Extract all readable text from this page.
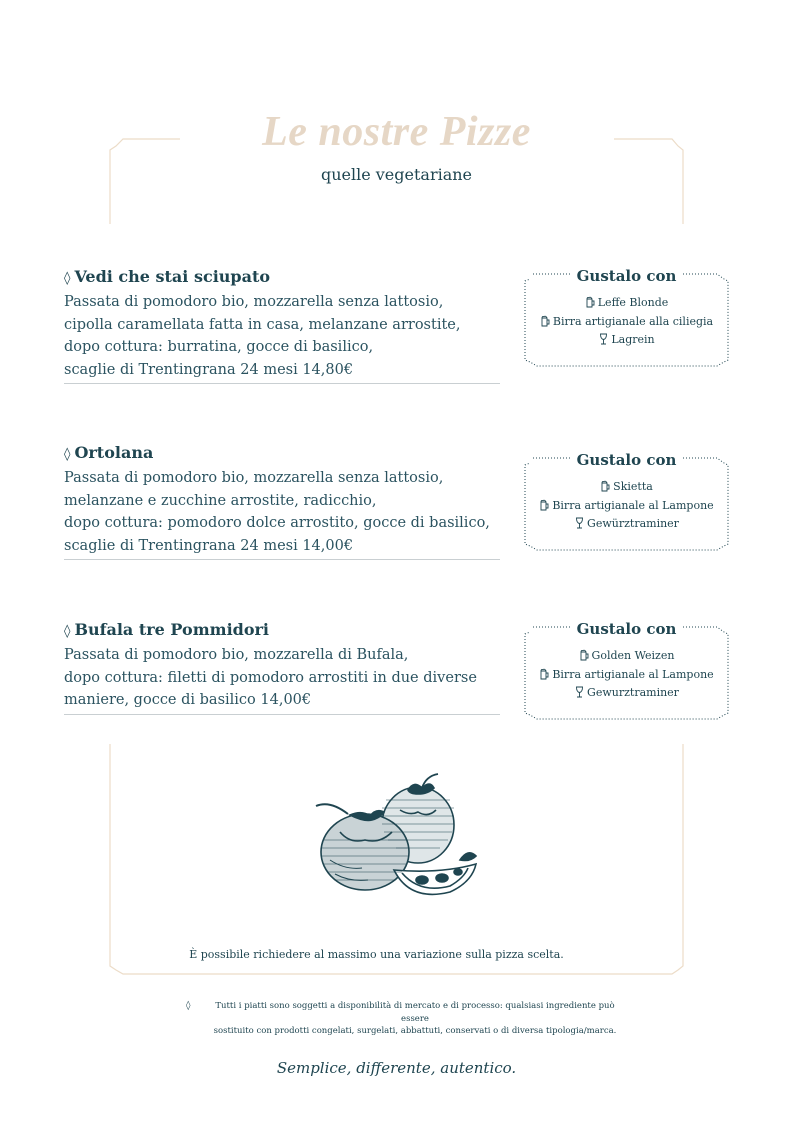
Le nostre Pizze
quelle vegetariane
◊ Vedi che stai sciupato
Passata di pomodoro bio, mozzarella senza lattosio,
cipolla caramellata fatta in casa, melanzane arrostite,
dopo cottura: burratina, gocce di basilico,
scaglie di Trentingrana 24 mesi 14,80€
Gustalo con
Leffe Blonde
Birra artigianale alla ciliegia
Lagrein
◊ Ortolana
Passata di pomodoro bio, mozzarella senza lattosio,
melanzane e zucchine arrostite, radicchio,
dopo cottura: pomodoro dolce arrostito, gocce di basilico,
scaglie di Trentingrana 24 mesi 14,00€
Gustalo con
Skietta
Birra artigianale al Lampone
Gewürztraminer
◊ Bufala tre Pommidori
Passata di pomodoro bio, mozzarella di Bufala,
dopo cottura: filetti di pomodoro arrostiti in due diverse
maniere, gocce di basilico 14,00€
Gustalo con
Golden Weizen
Birra artigianale al Lampone
Gewurztraminer
È possibile richiedere al massimo una variazione sulla pizza scelta.
◊	Tutti i piatti sono soggetti a disponibilità di mercato e di processo: qualsiasi ingrediente può essere
sostituito con prodotti congelati, surgelati, abbattuti, conservati o di diversa tipologia/marca.
Semplice, differente, autentico.
